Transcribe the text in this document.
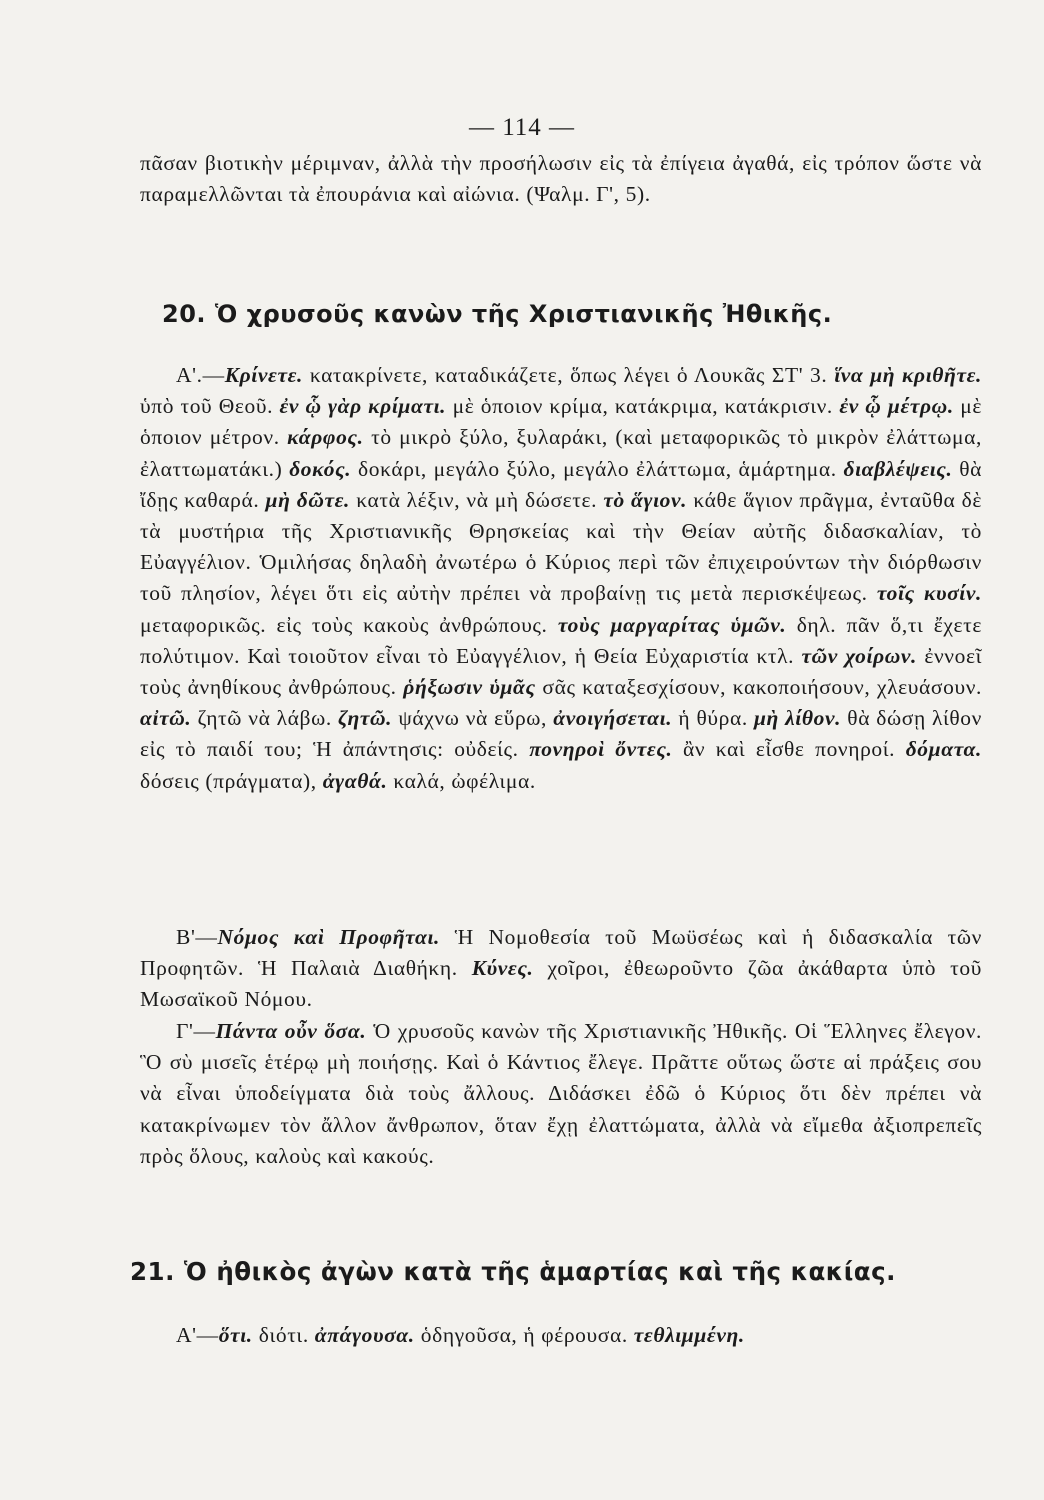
— 114 —

πᾶσαν βιοτικὴν μέριμναν, ἀλλὰ τὴν προσήλωσιν εἰς τὰ ἐπίγεια ἀγαθά, εἰς τρόπον ὥστε νὰ παραμελλῶνται τὰ ἐπουράνια καὶ αἰώνια. (Ψαλμ. Γ', 5).

20. Ὁ χρυσοῦς κανὼν τῆς Χριστιανικῆς Ἠθικῆς.

Α'.—Κρίνετε. κατακρίνετε, καταδικάζετε, ὅπως λέγει ὁ Λουκᾶς ΣΤ' 3. ἵνα μὴ κριθῆτε. ὑπὸ τοῦ Θεοῦ. ἐν ᾧ γὰρ κρίματι. μὲ ὁποιον κρίμα, κατάκριμα, κατάκρισιν. ἐν ᾧ μέτρῳ. μὲ ὁποιον μέτρον. κάρφος. τὸ μικρὸ ξύλο, ξυλαράκι, (καὶ μεταφορικῶς τὸ μικρὸν ἐλάττωμα, ἐλαττωματάκι.) δοκός. δοκάρι, μεγάλο ξύλο, μεγάλο ἐλάττωμα, ἁμάρτημα. διαβλέψεις. θὰ ἴδῃς καθαρά. μὴ δῶτε. κατὰ λέξιν, νὰ μὴ δώσετε. τὸ ἅγιον. κάθε ἅγιον πρᾶγμα, ἐνταῦθα δὲ τὰ μυστήρια τῆς Χριστιανικῆς Θρησκείας καὶ τὴν Θείαν αὐτῆς διδασκαλίαν, τὸ Εὐαγγέλιον. Ὁμιλήσας δηλαδὴ ἀνωτέρω ὁ Κύριος περὶ τῶν ἐπιχειρούντων τὴν διόρθωσιν τοῦ πλησίον, λέγει ὅτι εἰς αὐτὴν πρέπει νὰ προβαίνῃ τις μετὰ περισκέψεως. τοῖς κυσίν. μεταφορικῶς. εἰς τοὺς κακοὺς ἀνθρώπους. τοὺς μαργαρίτας ὑμῶν. δηλ. πᾶν ὅ,τι ἔχετε πολύτιμον. Καὶ τοιοῦτον εἶναι τὸ Εὐαγγέλιον, ἡ Θεία Εὐχαριστία κτλ. τῶν χοίρων. ἐννοεῖ τοὺς ἀνηθίκους ἀνθρώπους. ῥήξωσιν ὑμᾶς σᾶς καταξεσχίσουν, κακοποιήσουν, χλευάσουν. αἰτῶ. ζητῶ νὰ λάβω. ζητῶ. ψάχνω νὰ εὕρω, ἀνοιγήσεται. ἡ θύρα. μὴ λίθον. θὰ δώσῃ λίθον εἰς τὸ παιδί του; Ἡ ἀπάντησις: οὐδείς. πονηροὶ ὄντες. ἂν καὶ εἶσθε πονηροί. δόματα. δόσεις (πράγματα), ἀγαθά. καλά, ὠφέλιμα.

Β'—Νόμος καὶ Προφῆται. Ἡ Νομοθεσία τοῦ Μωϋσέως καὶ ἡ διδασκαλία τῶν Προφητῶν. Ἡ Παλαιὰ Διαθήκη. Κύνες. χοῖροι, ἐθεωροῦντο ζῶα ἀκάθαρτα ὑπὸ τοῦ Μωσαϊκοῦ Νόμου.

Γ'—Πάντα οὖν ὅσα. Ὁ χρυσοῦς κανὼν τῆς Χριστιανικῆς Ἠθικῆς. Οἱ Ἕλληνες ἔλεγον. Ὃ σὺ μισεῖς ἑτέρῳ μὴ ποιήσῃς. Καὶ ὁ Κάντιος ἔλεγε. Πρᾶττε οὕτως ὥστε αἱ πράξεις σου νὰ εἶναι ὑποδείγματα διὰ τοὺς ἄλλους. Διδάσκει ἐδῶ ὁ Κύριος ὅτι δὲν πρέπει νὰ κατακρίνωμεν τὸν ἄλλον ἄνθρωπον, ὅταν ἔχῃ ἐλαττώματα, ἀλλὰ νὰ εἴμεθα ἀξιοπρεπεῖς πρὸς ὅλους, καλοὺς καὶ κακούς.

21. Ὁ ἠθικὸς ἀγὼν κατὰ τῆς ἁμαρτίας καὶ τῆς κακίας.

Α'—ὅτι. διότι. ἀπάγουσα. ὁδηγοῦσα, ἡ φέρουσα. τεθλιμμένη.
